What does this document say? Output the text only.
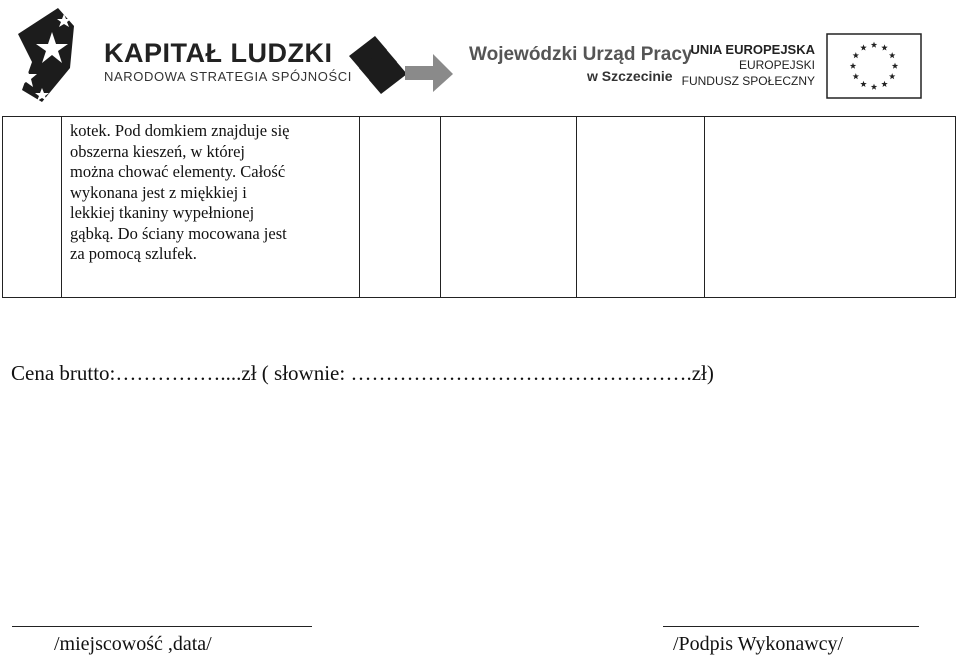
KAPITAŁ LUDZKI
NARODOWA STRATEGIA SPÓJNOŚCI
Wojewódzki Urząd Pracy
w Szczecinie
UNIA EUROPEJSKA
EUROPEJSKI
FUNDUSZ SPOŁECZNY
kotek. Pod domkiem znajduje się
obszerna kieszeń, w której
można chować elementy. Całość
wykonana jest z miękkiej i
lekkiej tkaniny wypełnionej
gąbką. Do ściany mocowana jest
za pomocą szlufek.
Cena brutto:……………....zł ( słownie: ………………………………………….zł)
/miejscowość ,data/	/Podpis Wykonawcy/
